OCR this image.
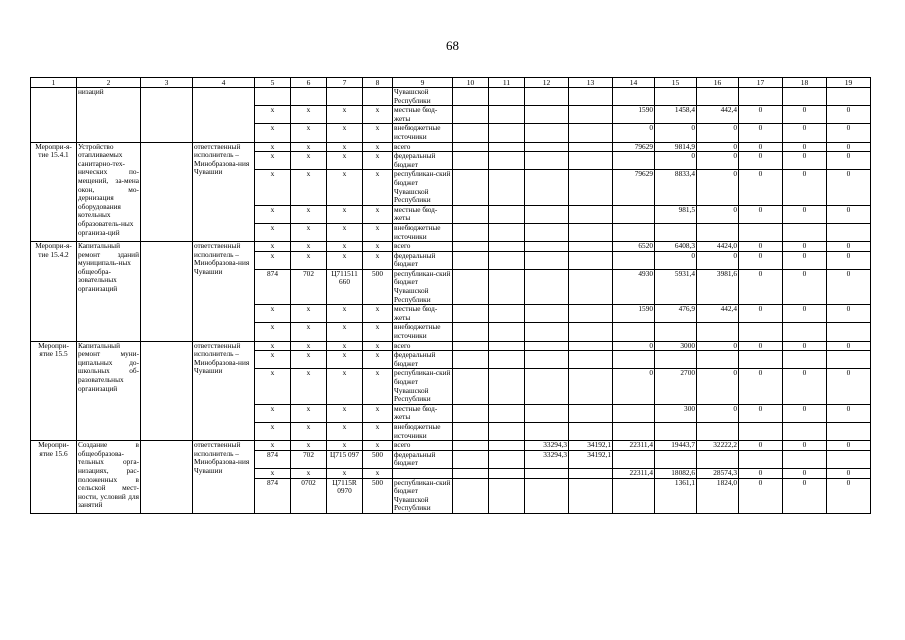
68
1	2	3	4	5	6	7	8	9	10	11	12	13	14	15	16	17	18	19
	низаций							Чувашской Республики										
				x	x	x	x	местные бюд-жеты					1590	1458,4	442,4	0	0	0
				x	x	x	x	внебюджетные источники					0	0	0	0	0	0
Меропри-я-тие 15.4.1	Устройство отапливаемых санитарно-тех-нических по-мещений, за-мена окон, мо-дернизация оборудования котельных образователь-ных организа-ций		ответственный исполнитель – Минобразова-ния Чувашии	x	x	x	x	всего					79629	9814,9	0	0	0	0
				x	x	x	x	федеральный бюджет						0	0	0	0	0
				x	x	x	x	республикан-ский бюджет Чувашской Республики					79629	8833,4	0	0	0	0
				x	x	x	x	местные бюд-жеты						981,5	0	0	0	0
				x	x	x	x	внебюджетные источники										
Меропри-я-тие 15.4.2	Капитальный ремонт зданий муниципаль-ных общеобра-зовательных организаций		ответственный исполнитель – Минобразова-ния Чувашии	x	x	x	x	всего					6520	6408,3	4424,0	0	0	0
				x	x	x	x	федеральный бюджет						0	0	0	0	0
				874	702	Ц711511 660	500	республикан-ский бюджет Чувашской Республики					4930	5931,4	3981,6	0	0	0
				x	x	x	x	местные бюд-жеты					1590	476,9	442,4	0	0	0
				x	x	x	x	внебюджетные источники										
Меропри-ятие 15.5	Капитальный ремонт муни-ципальных до-школьных об-разовательных организаций		ответственный исполнитель – Минобразова-ния Чувашии	x	x	x	x	всего					0	3000	0	0	0	0
				x	x	x	x	федеральный бюджет										
				x	x	x	x	республикан-ский бюджет Чувашской Республики					0	2700	0	0	0	0
				x	x	x	x	местные бюд-жеты						300	0	0	0	0
				x	x	x	x	внебюджетные источники										
Меропри-ятие 15.6	Создание в общеобразова-тельных орга-низациях, рас-положенных в сельской мест-ности, условий для занятий		ответственный исполнитель – Минобразова-ния Чувашии	x	x	x	x	всего			33294,3	34192,1	22311,4	19443,7	32222,2	0	0	0
				874	702	Ц715 097	500	федеральный бюджет			33294,3	34192,1						
				x	x	x	x						22311,4	18082,6	28574,3	0	0	0
				874	0702	Ц7115R 0970	500	республикан-ский бюджет Чувашской Республики						1361,1	1824,0	0	0	0
